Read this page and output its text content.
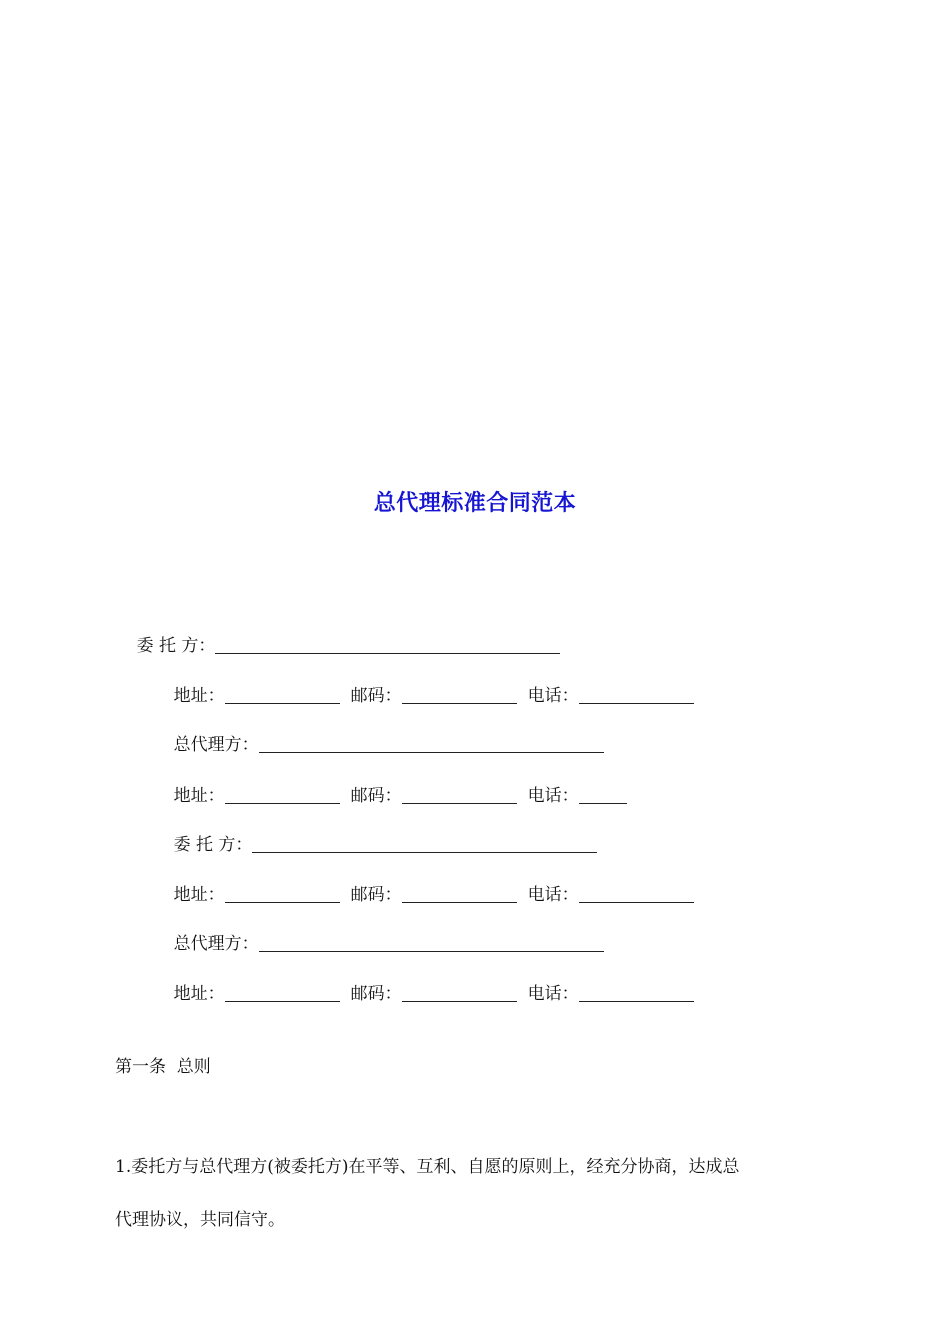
总代理标准合同范本

委 托 方：

地址：	邮码：	电话：

总代理方：

地址：	邮码：	电话：

委 托 方：

地址：	邮码：	电话：

总代理方：

地址：	邮码：	电话：

第一条  总则
1.委托方与总代理方(被委托方)在平等、互利、自愿的原则上，经充分协商，达成总
代理协议，共同信守。
